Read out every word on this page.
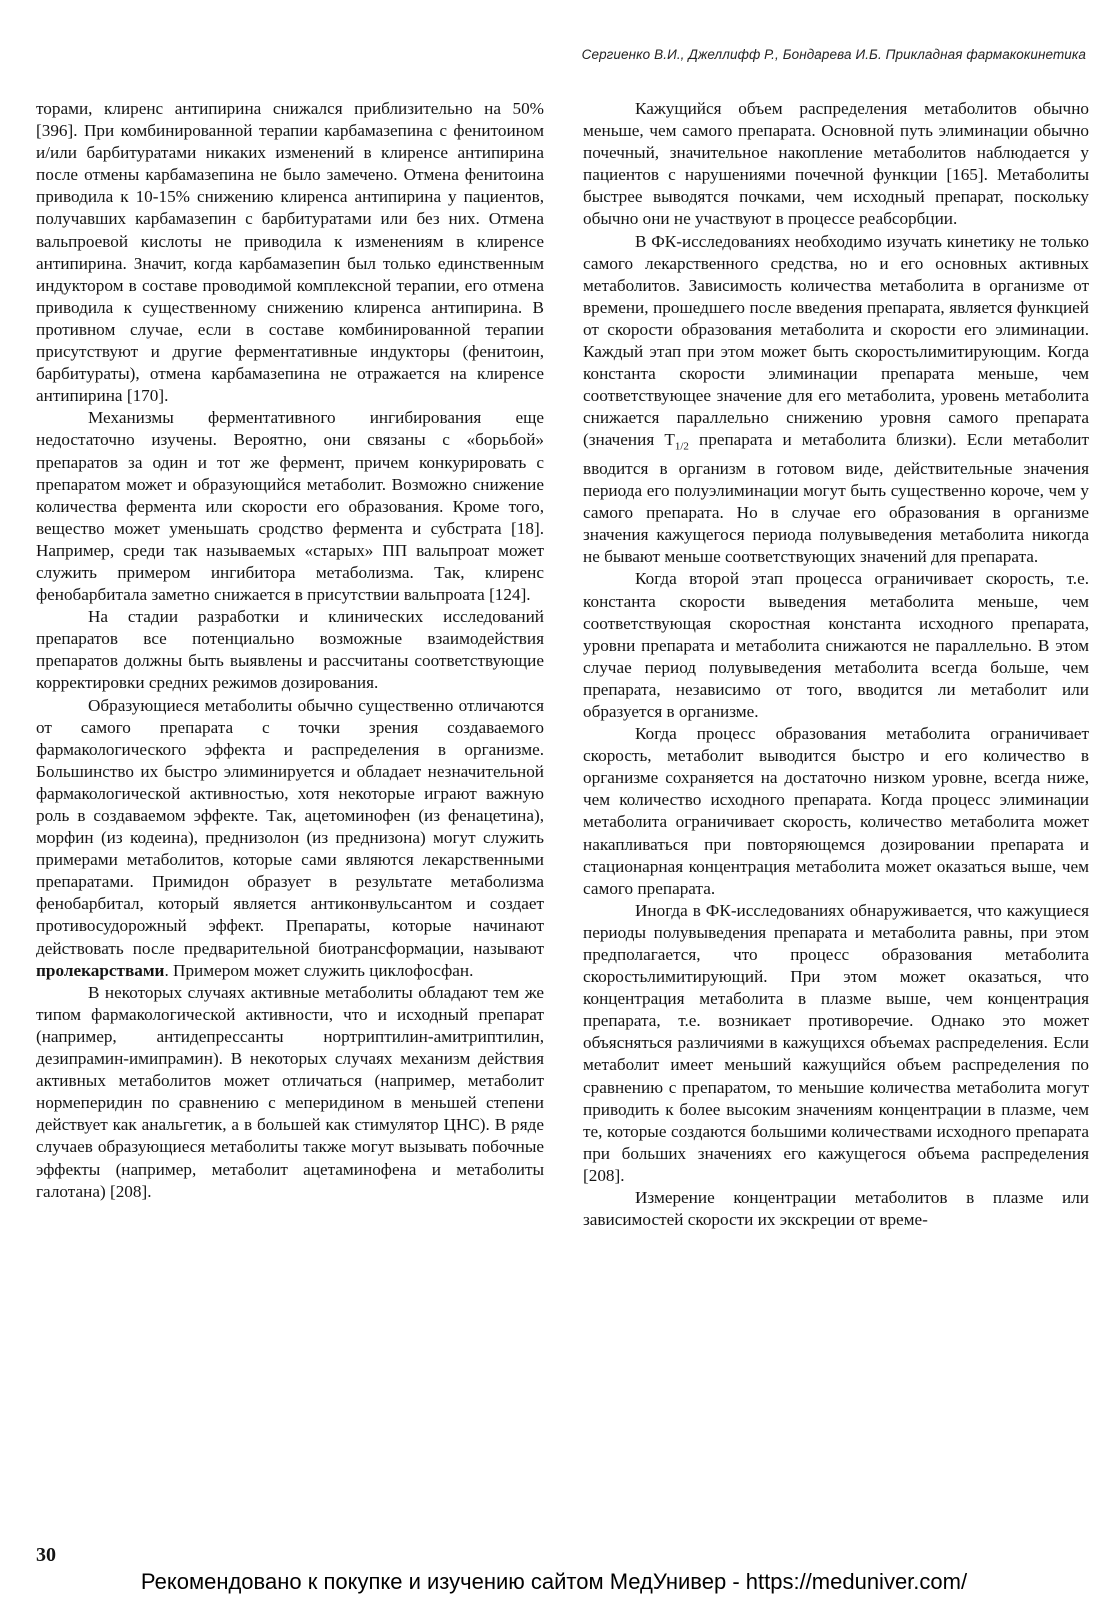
Сергиенко В.И., Джеллифф Р., Бондарева И.Б. Прикладная фармакокинетика

торами, клиренс антипирина снижался приблизительно на 50% [396]. При комбинированной терапии карбамазепина с фенитоином и/или барбитуратами никаких изменений в клиренсе антипирина после отмены карбамазепина не было замечено. Отмена фенитоина приводила к 10-15% снижению клиренса антипирина у пациентов, получавших карбамазепин с барбитуратами или без них. Отмена вальпроевой кислоты не приводила к изменениям в клиренсе антипирина. Значит, когда карбамазепин был только единственным индуктором в составе проводимой комплексной терапии, его отмена приводила к существенному снижению клиренса антипирина. В противном случае, если в составе комбинированной терапии присутствуют и другие ферментативные индукторы (фенитоин, барбитураты), отмена карбамазепина не отражается на клиренсе антипирина [170].

Механизмы ферментативного ингибирования еще недостаточно изучены. Вероятно, они связаны с «борьбой» препаратов за один и тот же фермент, причем конкурировать с препаратом может и образующийся метаболит. Возможно снижение количества фермента или скорости его образования. Кроме того, вещество может уменьшать сродство фермента и субстрата [18]. Например, среди так называемых «старых» ПП вальпроат может служить примером ингибитора метаболизма. Так, клиренс фенобарбитала заметно снижается в присутствии вальпроата [124].

На стадии разработки и клинических исследований препаратов все потенциально возможные взаимодействия препаратов должны быть выявлены и рассчитаны соответствующие корректировки средних режимов дозирования.

Образующиеся метаболиты обычно существенно отличаются от самого препарата с точки зрения создаваемого фармакологического эффекта и распределения в организме. Большинство их быстро элиминируется и обладает незначительной фармакологической активностью, хотя некоторые играют важную роль в создаваемом эффекте. Так, ацетоминофен (из фенацетина), морфин (из кодеина), преднизолон (из преднизона) могут служить примерами метаболитов, которые сами являются лекарственными препаратами. Примидон образует в результате метаболизма фенобарбитал, который является антиконвульсантом и создает противосудорожный эффект. Препараты, которые начинают действовать после предварительной биотрансформации, называют пролекарствами. Примером может служить циклофосфан.

В некоторых случаях активные метаболиты обладают тем же типом фармакологической активности, что и исходный препарат (например, антидепрессанты нортриптилин-амитриптилин, дезипрамин-имипрамин). В некоторых случаях механизм действия активных метаболитов может отличаться (например, метаболит нормеперидин по сравнению с меперидином в меньшей степени действует как анальгетик, а в большей как стимулятор ЦНС). В ряде случаев образующиеся метаболиты также могут вызывать побочные эффекты (например, метаболит ацетаминофена и метаболиты галотана) [208].

Кажущийся объем распределения метаболитов обычно меньше, чем самого препарата. Основной путь элиминации обычно почечный, значительное накопление метаболитов наблюдается у пациентов с нарушениями почечной функции [165]. Метаболиты быстрее выводятся почками, чем исходный препарат, поскольку обычно они не участвуют в процессе реабсорбции.

В ФК-исследованиях необходимо изучать кинетику не только самого лекарственного средства, но и его основных активных метаболитов. Зависимость количества метаболита в организме от времени, прошедшего после введения препарата, является функцией от скорости образования метаболита и скорости его элиминации. Каждый этап при этом может быть скоростьлимитирующим. Когда константа скорости элиминации препарата меньше, чем соответствующее значение для его метаболита, уровень метаболита снижается параллельно снижению уровня самого препарата (значения $T_{1/2}$ препарата и метаболита близки). Если метаболит вводится в организм в готовом виде, действительные значения периода его полуэлиминации могут быть существенно короче, чем у самого препарата. Но в случае его образования в организме значения кажущегося периода полувыведения метаболита никогда не бывают меньше соответствующих значений для препарата.

Когда второй этап процесса ограничивает скорость, т.е. константа скорости выведения метаболита меньше, чем соответствующая скоростная константа исходного препарата, уровни препарата и метаболита снижаются не параллельно. В этом случае период полувыведения метаболита всегда больше, чем препарата, независимо от того, вводится ли метаболит или образуется в организме.

Когда процесс образования метаболита ограничивает скорость, метаболит выводится быстро и его количество в организме сохраняется на достаточно низком уровне, всегда ниже, чем количество исходного препарата. Когда процесс элиминации метаболита ограничивает скорость, количество метаболита может накапливаться при повторяющемся дозировании препарата и стационарная концентрация метаболита может оказаться выше, чем самого препарата.

Иногда в ФК-исследованиях обнаруживается, что кажущиеся периоды полувыведения препарата и метаболита равны, при этом предполагается, что процесс образования метаболита скоростьлимитирующий. При этом может оказаться, что концентрация метаболита в плазме выше, чем концентрация препарата, т.е. возникает противоречие. Однако это может объясняться различиями в кажущихся объемах распределения. Если метаболит имеет меньший кажущийся объем распределения по сравнению с препаратом, то меньшие количества метаболита могут приводить к более высоким значениям концентрации в плазме, чем те, которые создаются большими количествами исходного препарата при больших значениях его кажущегося объема распределения [208].

Измерение концентрации метаболитов в плазме или зависимостей скорости их экскреции от време-

30
Рекомендовано к покупке и изучению сайтом МедУнивер - https://meduniver.com/
